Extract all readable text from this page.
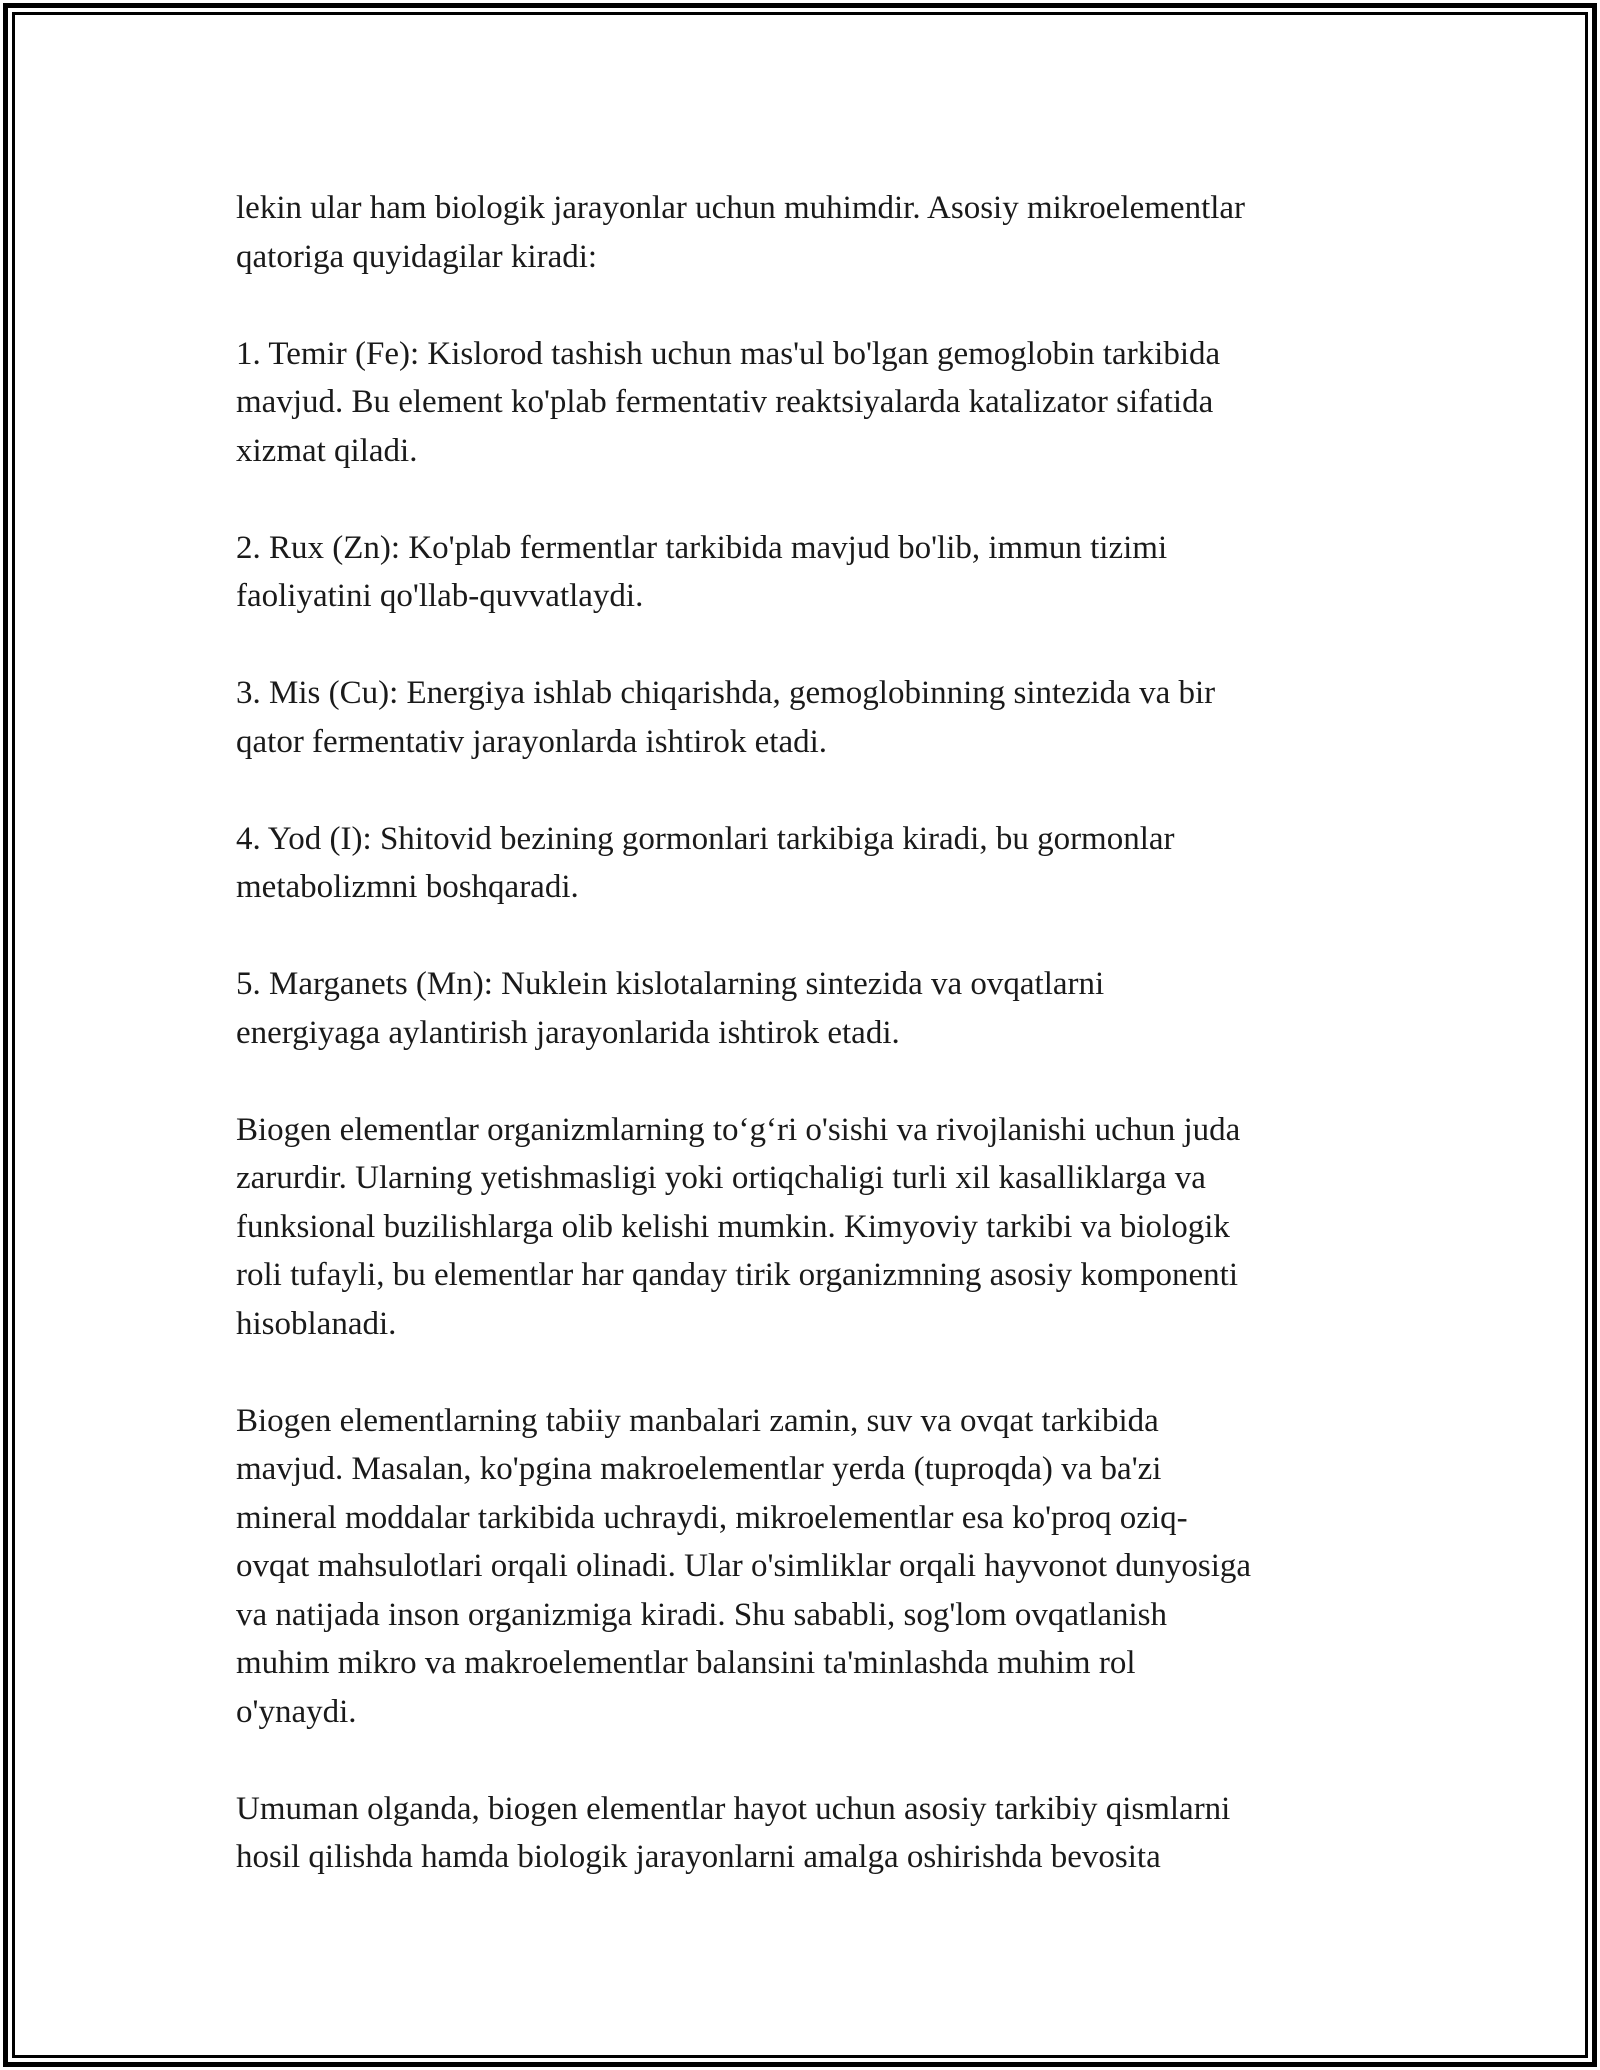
lekin ular ham biologik jarayonlar uchun muhimdir. Asosiy mikroelementlar
qatoriga quyidagilar kiradi:

1. Temir (Fe): Kislorod tashish uchun mas'ul bo'lgan gemoglobin tarkibida
mavjud. Bu element ko'plab fermentativ reaktsiyalarda katalizator sifatida
xizmat qiladi.

2. Rux (Zn): Ko'plab fermentlar tarkibida mavjud bo'lib, immun tizimi
faoliyatini qo'llab-quvvatlaydi.

3. Mis (Cu): Energiya ishlab chiqarishda, gemoglobinning sintezida va bir
qator fermentativ jarayonlarda ishtirok etadi.

4. Yod (I): Shitovid bezining gormonlari tarkibiga kiradi, bu gormonlar
metabolizmni boshqaradi.

5. Marganets (Mn): Nuklein kislotalarning sintezida va ovqatlarni
energiyaga aylantirish jarayonlarida ishtirok etadi.

Biogen elementlar organizmlarning to‘g‘ri o'sishi va rivojlanishi uchun juda
zarurdir. Ularning yetishmasligi yoki ortiqchaligi turli xil kasalliklarga va
funksional buzilishlarga olib kelishi mumkin. Kimyoviy tarkibi va biologik
roli tufayli, bu elementlar har qanday tirik organizmning asosiy komponenti
hisoblanadi.

Biogen elementlarning tabiiy manbalari zamin, suv va ovqat tarkibida
mavjud. Masalan, ko'pgina makroelementlar yerda (tuproqda) va ba'zi
mineral moddalar tarkibida uchraydi, mikroelementlar esa ko'proq oziq-
ovqat mahsulotlari orqali olinadi. Ular o'simliklar orqali hayvonot dunyosiga
va natijada inson organizmiga kiradi. Shu sababli, sog'lom ovqatlanish
muhim mikro va makroelementlar balansini ta'minlashda muhim rol
o'ynaydi.

Umuman olganda, biogen elementlar hayot uchun asosiy tarkibiy qismlarni
hosil qilishda hamda biologik jarayonlarni amalga oshirishda bevosita
